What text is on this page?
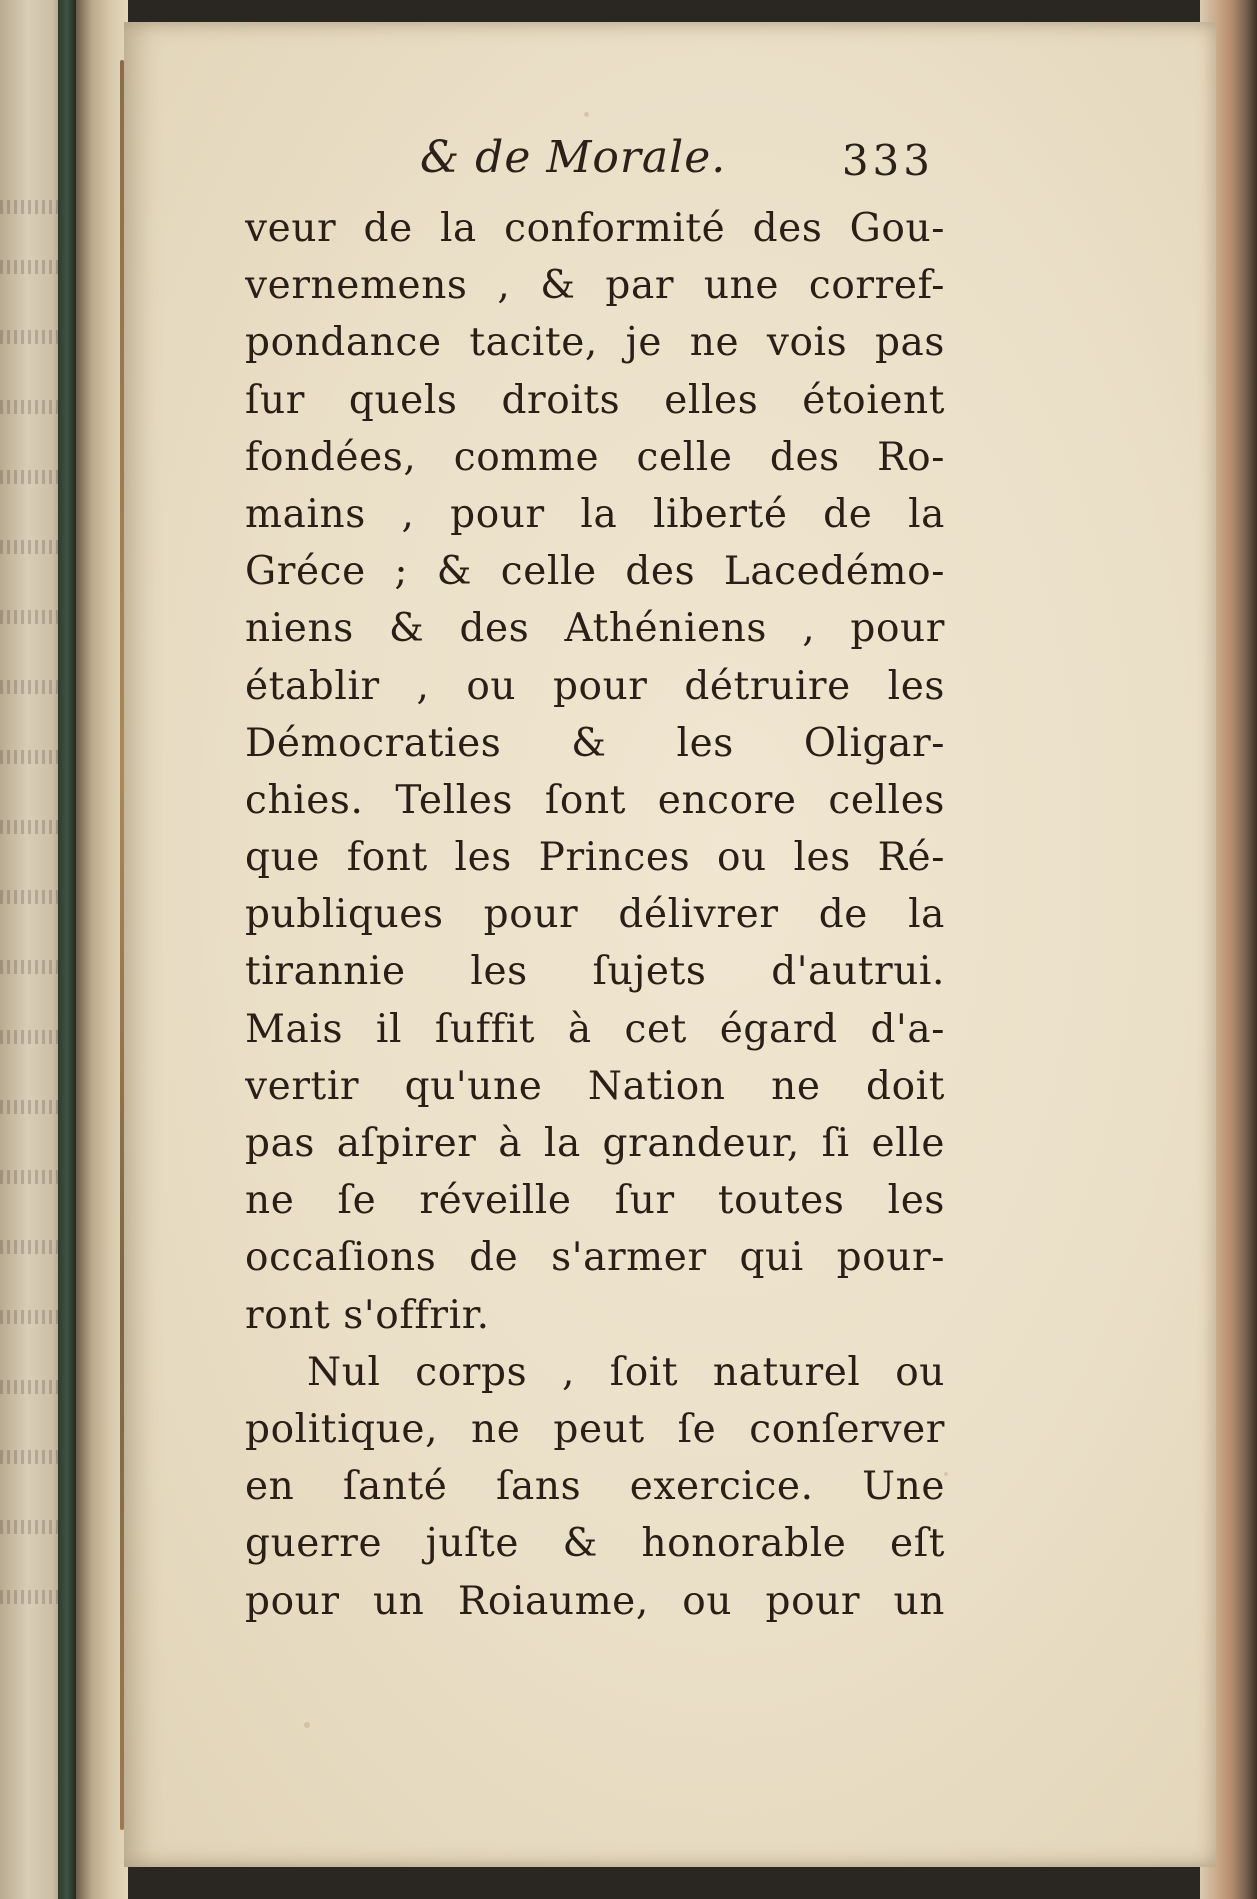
& de Morale.	333
veur de la conformité des Gou-
vernemens , & par une corref-
pondance tacite, je ne vois pas
ſur quels droits elles étoient
fondées, comme celle des Ro-
mains , pour la liberté de la
Gréce ; & celle des Lacedémo-
niens & des Athéniens , pour
établir , ou pour détruire les
Démocraties & les Oligar-
chies. Telles ſont encore celles
que font les Princes ou les Ré-
publiques pour délivrer de la
tirannie les ſujets d'autrui.
Mais il ſuffit à cet égard d'a-
vertir qu'une Nation ne doit
pas aſpirer à la grandeur, ſi elle
ne ſe réveille ſur toutes les
occaſions de s'armer qui pour-
ront s'offrir.
Nul corps , ſoit naturel ou
politique, ne peut ſe conſerver
en ſanté ſans exercice. Une
guerre juſte & honorable eſt
pour un Roiaume, ou pour un
